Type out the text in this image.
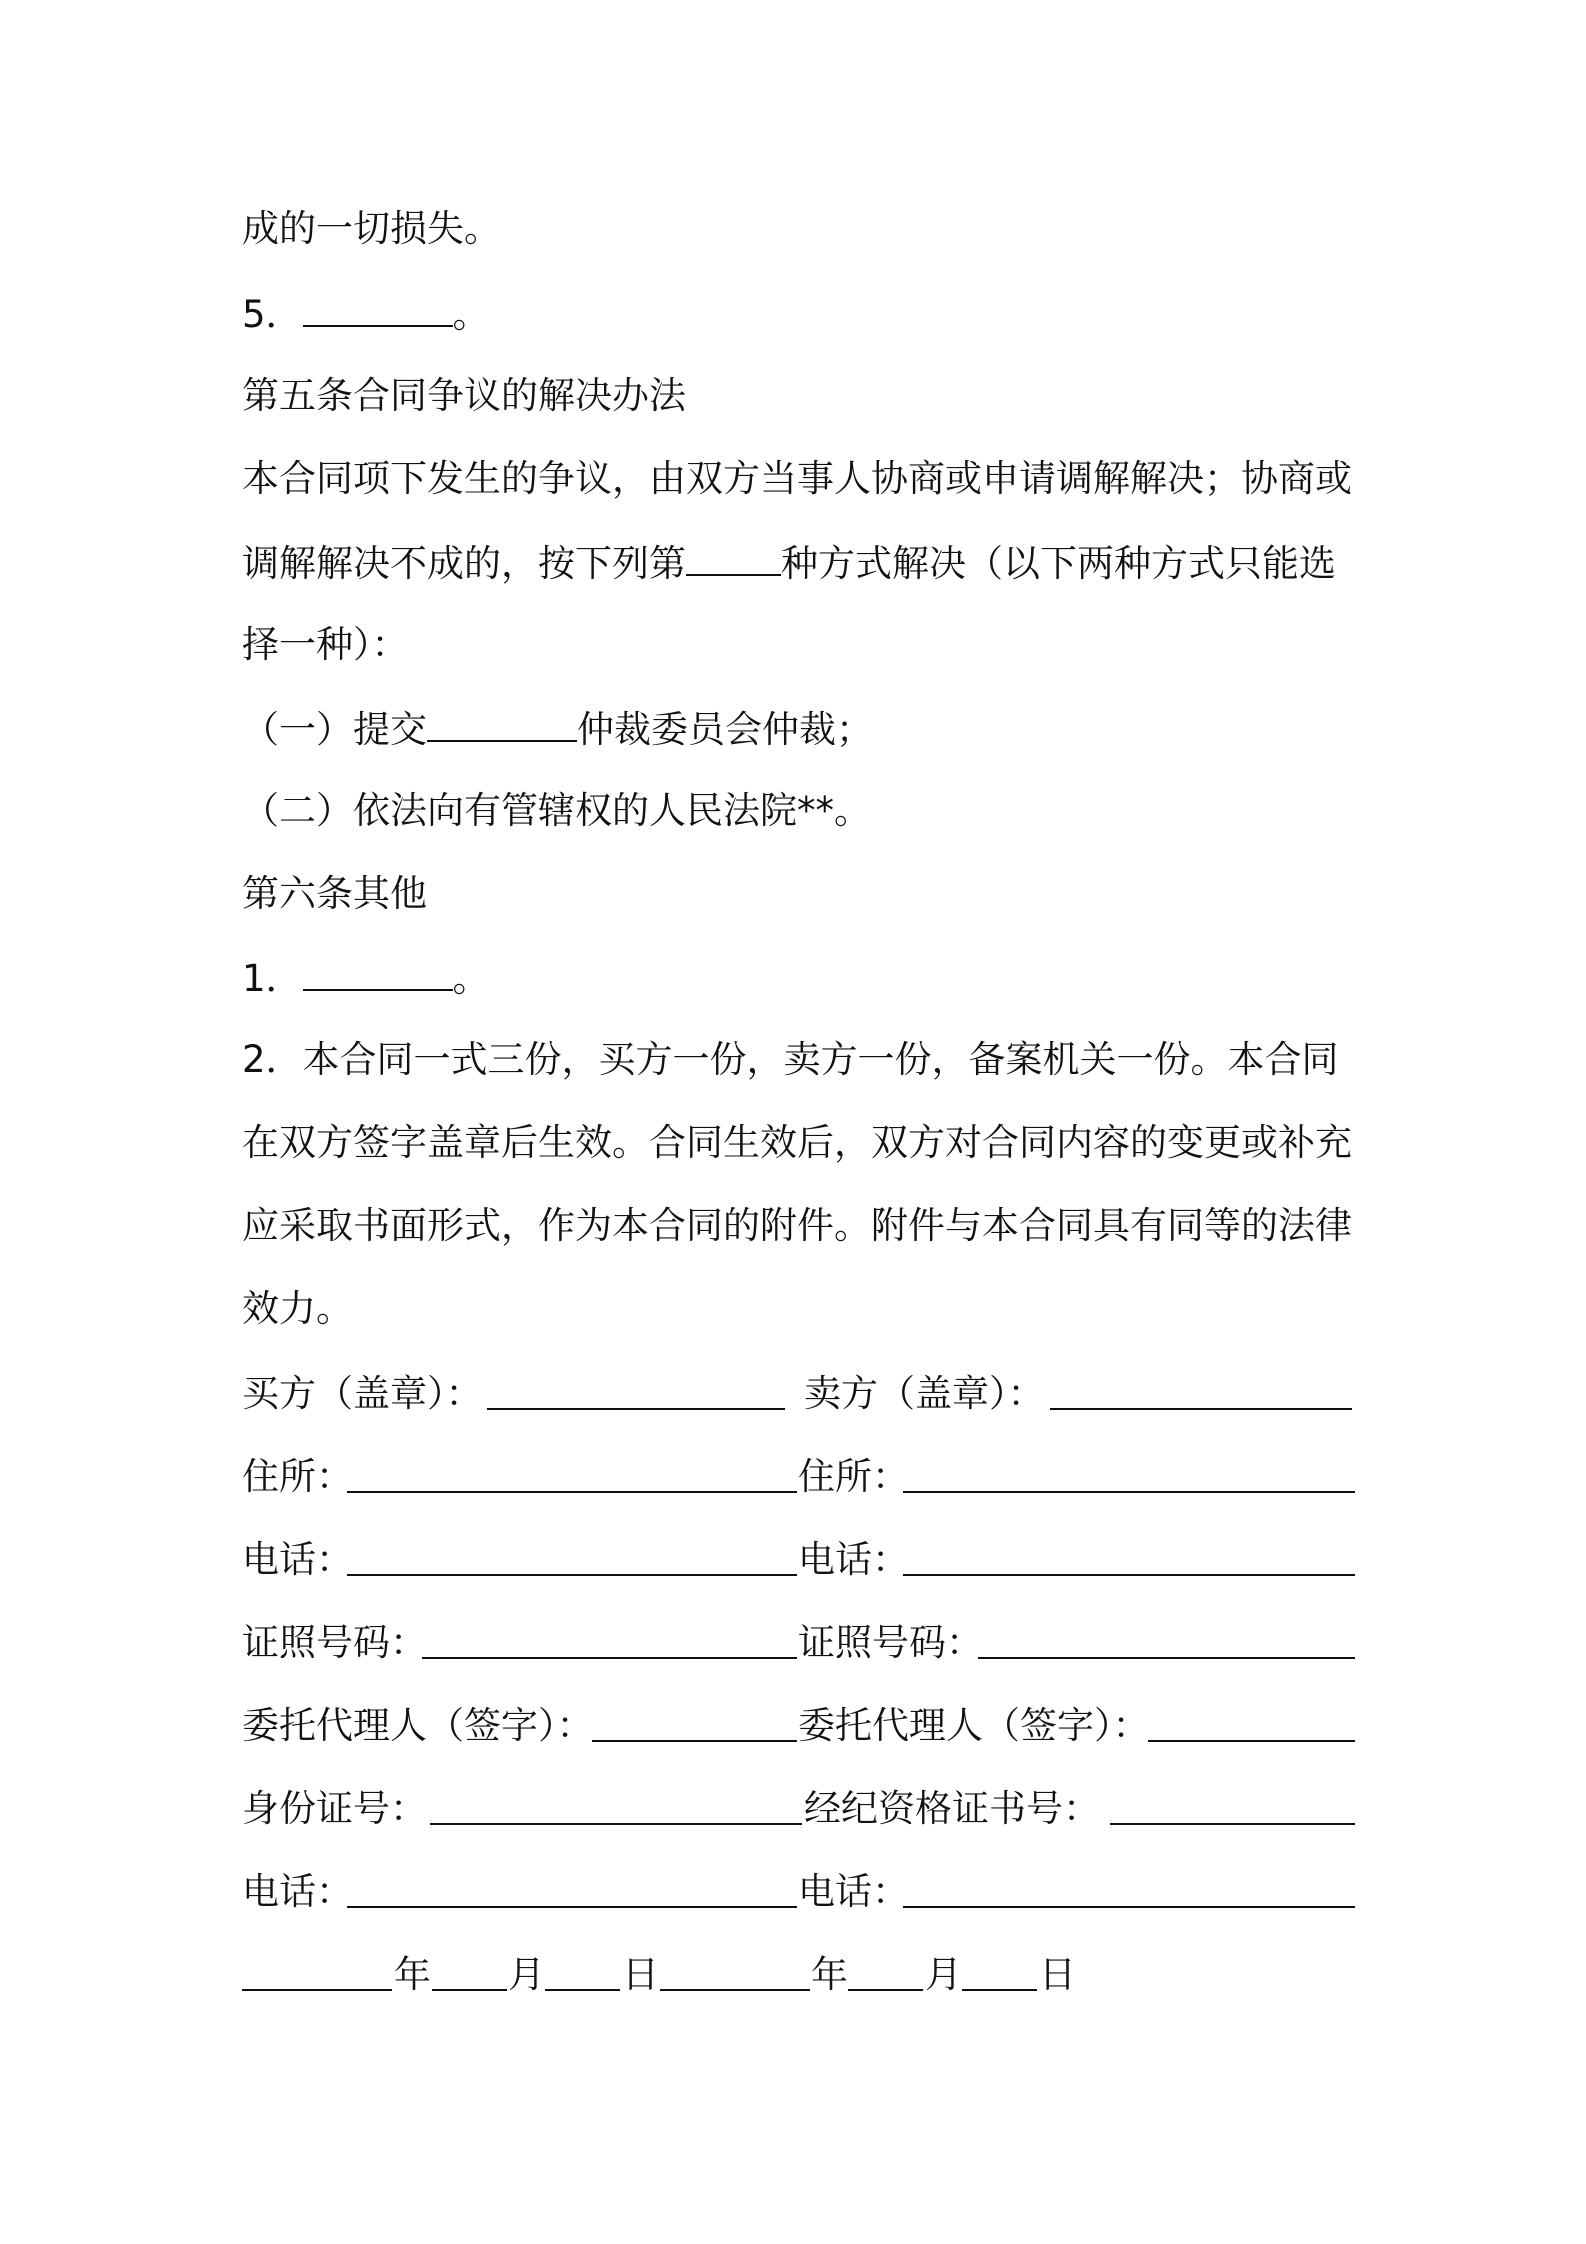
成的一切损失。
5．	。
第五条合同争议的解决办法
本合同项下发生的争议，由双方当事人协商或申请调解解决；协商或
调解解决不成的，按下列第	种方式解决（以下两种方式只能选
择一种）：
（一）提交	仲裁委员会仲裁；
（二）依法向有管辖权的人民法院**。
第六条其他
1．	。
2．本合同一式三份，买方一份，卖方一份，备案机关一份。本合同
在双方签字盖章后生效。合同生效后，双方对合同内容的变更或补充
应采取书面形式，作为本合同的附件。附件与本合同具有同等的法律
效力。
买方（盖章）：	卖方（盖章）：
住所：	住所：
电话：	电话：
证照号码：	证照号码：
委托代理人（签字）：	委托代理人（签字）：
身份证号：	经纪资格证书号：
电话：	电话：
年 月 日	年 月 日
